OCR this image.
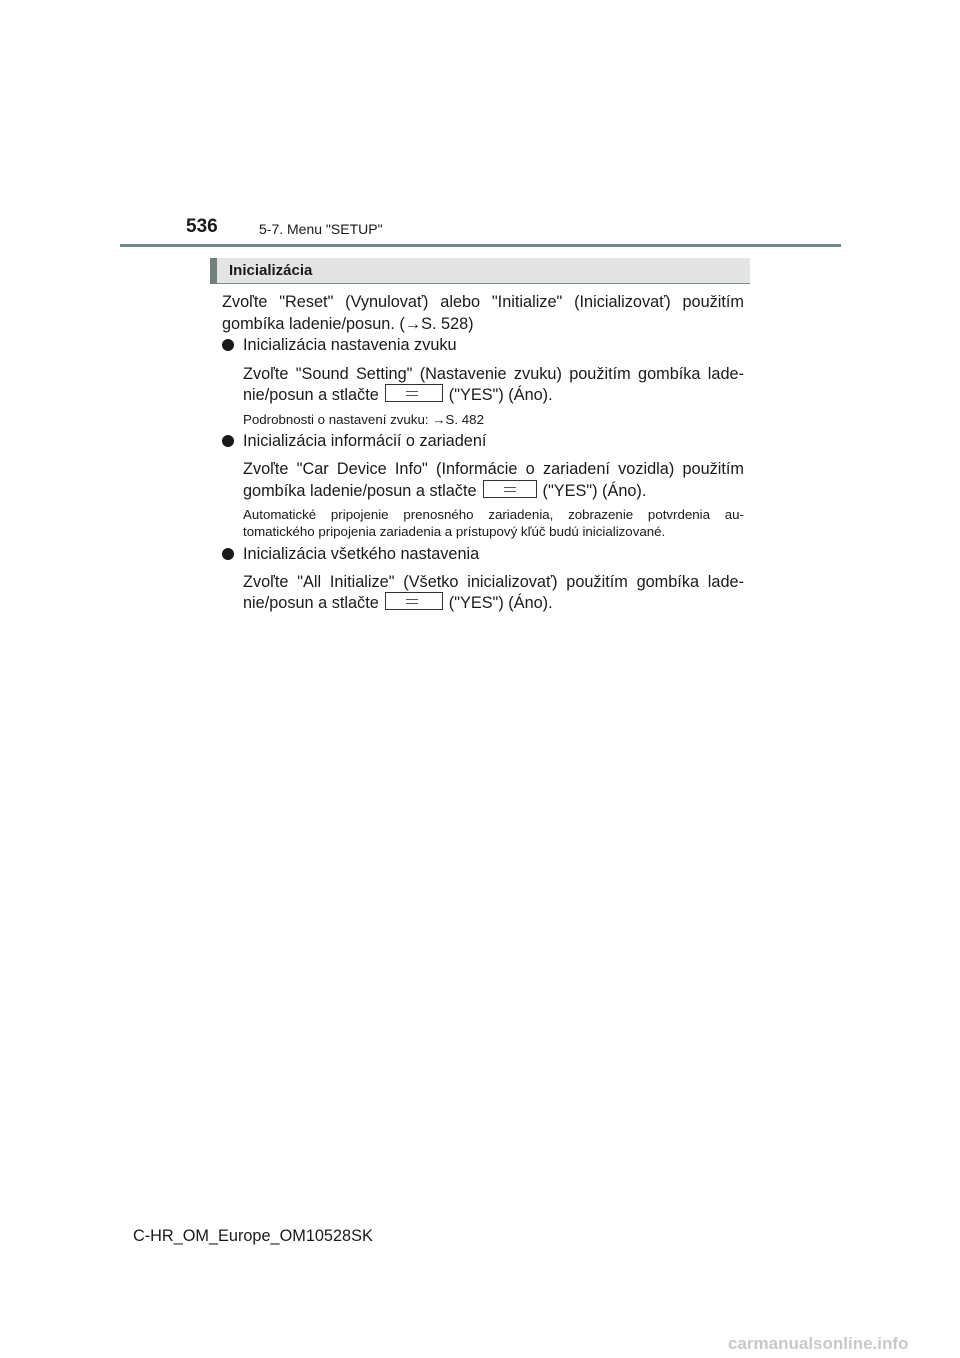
536	5-7. Menu "SETUP"
Inicializácia
Zvoľte "Reset" (Vynulovať) alebo "Initialize" (Inicializovať) použitím
gombíka ladenie/posun. (→S. 528)
Inicializácia nastavenia zvuku
Zvoľte "Sound Setting" (Nastavenie zvuku) použitím gombíka lade-
nie/posun a stlačte	("YES") (Áno).
Podrobnosti o nastavení zvuku: →S. 482
Inicializácia informácií o zariadení
Zvoľte "Car Device Info" (Informácie o zariadení vozidla) použitím
gombíka ladenie/posun a stlačte	("YES") (Áno).
Automatické pripojenie prenosného zariadenia, zobrazenie potvrdenia au-
tomatického pripojenia zariadenia a prístupový kľúč budú inicializované.
Inicializácia všetkého nastavenia
Zvoľte "All Initialize" (Všetko inicializovať) použitím gombíka lade-
nie/posun a stlačte	("YES") (Áno).
C-HR_OM_Europe_OM10528SK
carmanualsonline.info
